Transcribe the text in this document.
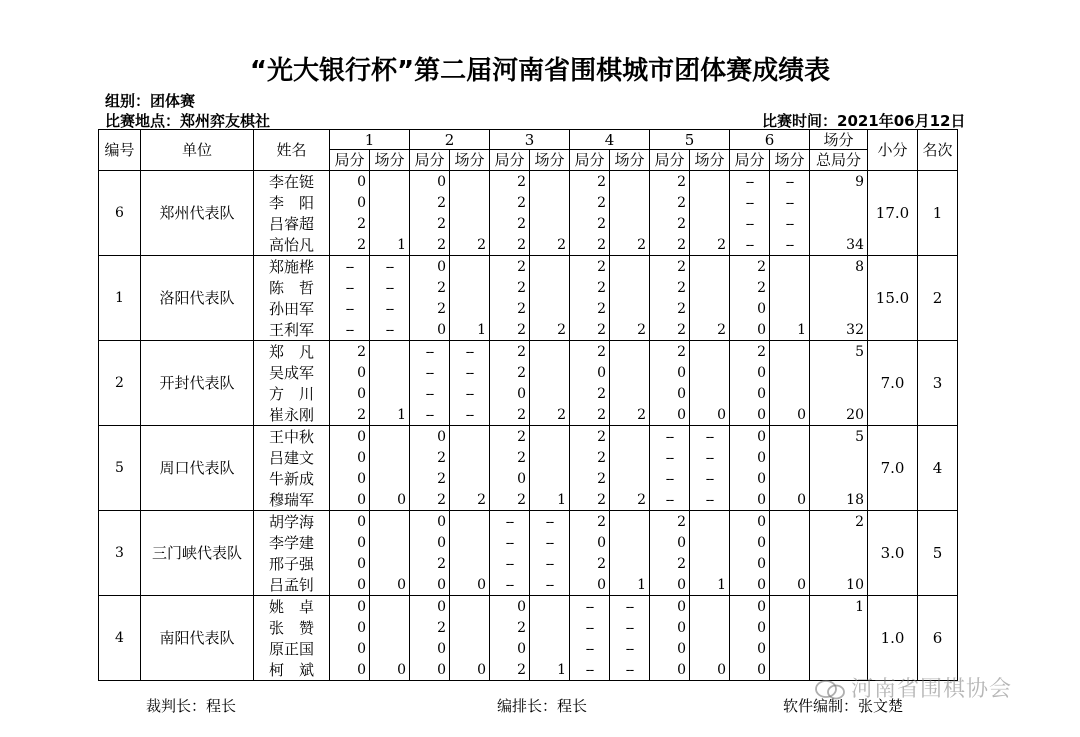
“光大银行杯”第二届河南省围棋城市团体赛成绩表
组别：团体赛
比赛地点：郑州弈友棋社	比赛时间：2021年06月12日
编号	单位	姓名	1		2		3		4		5		6		场分	小分	名次
			局分	场分	局分	场分	局分	场分	局分	场分	局分	场分	局分	场分	总局分		
6	郑州代表队	李在铤	0		0		2		2		2		--	--	9	17.0	1
		李　阳	0		2		2		2		2		--	--			
		吕睿超	2		2		2		2		2		--	--			
		高怡凡	2	1	2	2	2	2	2	2	2	2	--	--	34		
1	洛阳代表队	郑施桦	--	--	0		2		2		2		2		8	15.0	2
		陈　哲	--	--	2		2		2		2		2				
		孙田军	--	--	2		2		2		2		0				
		王利军	--	--	0	1	2	2	2	2	2	2	0	1	32		
2	开封代表队	郑　凡	2		--	--	2		2		2		2		5	7.0	3
		吴成军	0		--	--	2		0		0		0				
		方　川	0		--	--	0		2		0		0				
		崔永刚	2	1	--	--	2	2	2	2	0	0	0	0	20		
5	周口代表队	王中秋	0		0		2		2		--	--	0		5	7.0	4
		吕建文	0		2		2		2		--	--	0				
		牛新成	0		2		0		2		--	--	0				
		穆瑞军	0	0	2	2	2	1	2	2	--	--	0	0	18		
3	三门峡代表队	胡学海	0		0		--	--	2		2		0		2	3.0	5
		李学建	0		0		--	--	0		0		0				
		邢子强	0		2		--	--	2		2		0				
		吕孟钊	0	0	0	0	--	--	0	1	0	1	0	0	10		
4	南阳代表队	姚　卓	0		0		0		--	--	0		0		1	1.0	6
		张　赞	0		2		2		--	--	0		0				
		原正国	0		0		0		--	--	0		0				
		柯　斌	0	0	0	0	2	1	--	--	0	0	0				
裁判长：程长	编排长：程长	软件编制：张文楚
河南省围棋协会
